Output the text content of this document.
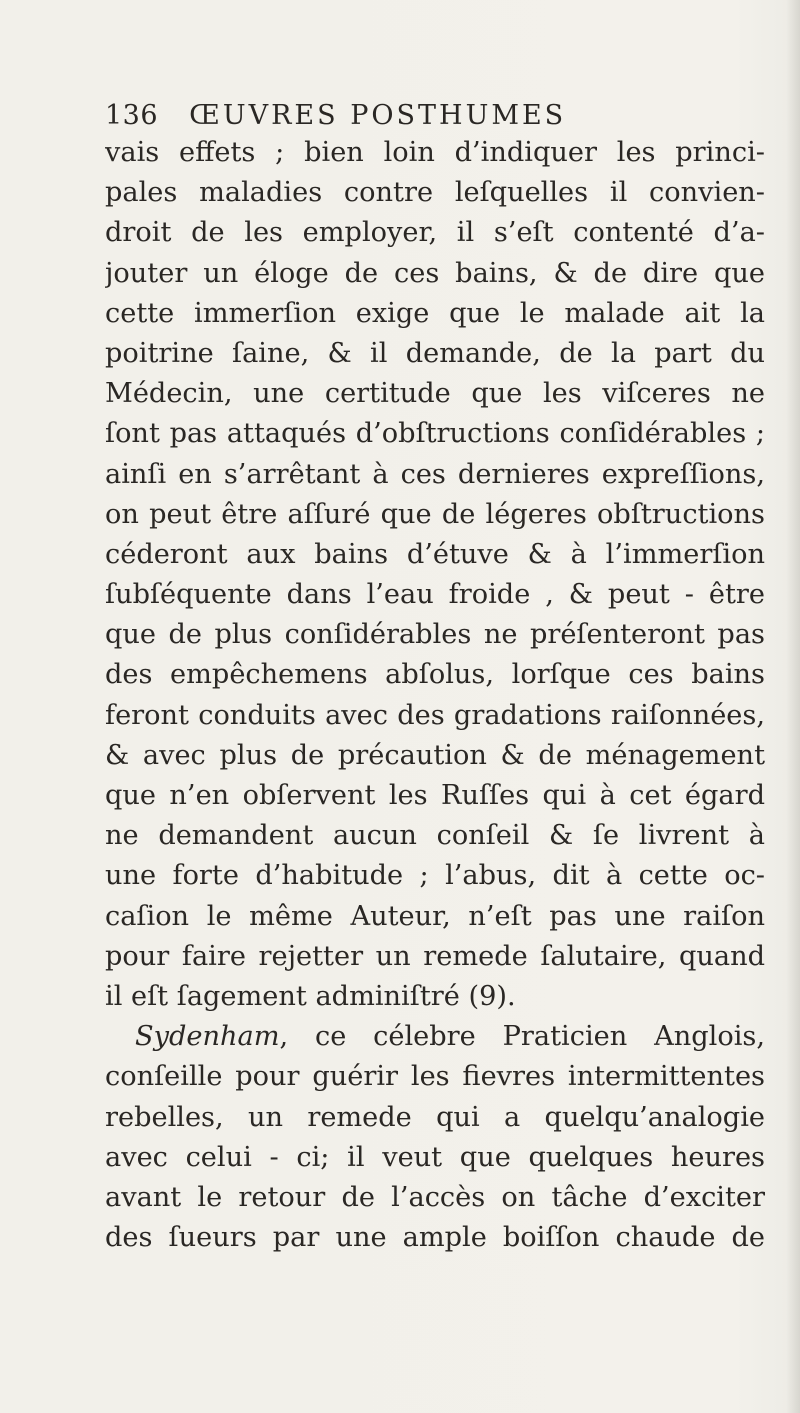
136 ŒUVRES POSTHUMES
vais effets ; bien loin d’indiquer les princi-
pales maladies contre leſquelles il convien-
droit de les employer, il s’eſt contenté d’a-
jouter un éloge de ces bains, & de dire que
cette immerſion exige que le malade ait la
poitrine ſaine, & il demande, de la part du
Médecin, une certitude que les viſceres ne
ſont pas attaqués d’obſtructions conſidérables ;
ainſi en s’arrêtant à ces dernieres expreſſions,
on peut être aſſuré que de légeres obſtructions
céderont aux bains d’étuve & à l’immerſion
ſubſéquente dans l’eau froide , & peut - être
que de plus conſidérables ne préſenteront pas
des empêchemens abſolus, lorſque ces bains
feront conduits avec des gradations raiſonnées,
& avec plus de précaution & de ménagement
que n’en obſervent les Ruſſes qui à cet égard
ne demandent aucun conſeil & ſe livrent à
une forte d’habitude ; l’abus, dit à cette oc-
caſion le même Auteur, n’eſt pas une raiſon
pour faire rejetter un remede ſalutaire, quand
il eſt ſagement adminiſtré (9).
Sydenham, ce célebre Praticien Anglois,
conſeille pour guérir les fievres intermittentes
rebelles, un remede qui a quelqu’analogie
avec celui - ci; il veut que quelques heures
avant le retour de l’accès on tâche d’exciter
des ſueurs par une ample boiſſon chaude de
